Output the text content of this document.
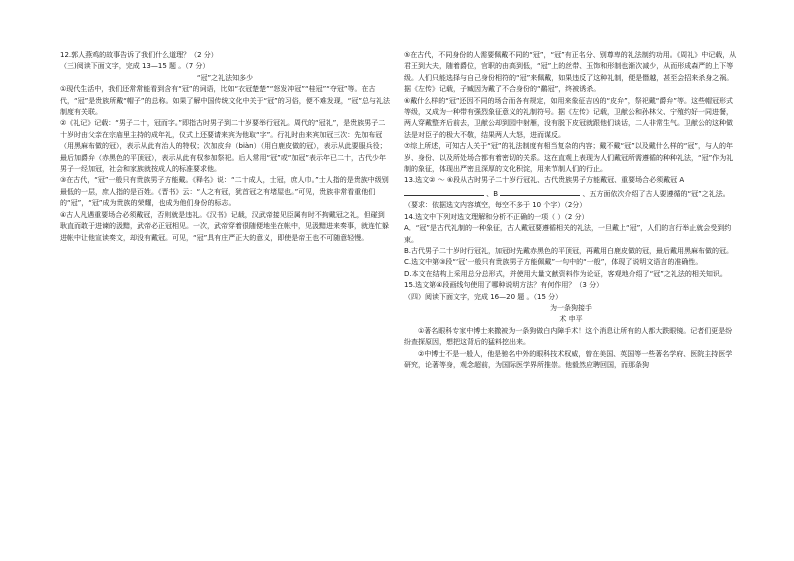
12.郭人燕鸡的故事告诉了我们什么道理？（2 分）

（三)阅读下面文字，完成 13—15 题 。（7 分）

“冠”之礼法知多少

①现代生活中，我们还常常能看到含有“冠”的词语，比如“衣冠楚楚”“怒发冲冠”“桂冠”“夺冠”等。在古代，“冠”是贵族所戴“帽子”的总称。如果了解中国传统文化中关于“冠”的习俗，便不难发现，“冠”总与礼法制度有关联。

②《礼记》记载：“男子二十，冠而字。”即指古时男子到二十岁要举行冠礼。周代的“冠礼”，是贵族男子二十岁时由父亲在宗庙里主持的成年礼，仪式上还要请来宾为他取“字”。行礼时由来宾加冠三次：先加布冠（用黑麻布做的冠），表示从此有治人的特权；次加皮弁（biàn）（用白鹿皮做的冠），表示从此要服兵役；最后加爵弁（赤黑色的平顶冠），表示从此有权参加祭祀。后人常用“冠”或“加冠”表示年已二十，古代少年男子一经加冠，社会和家族就按成人的标准要求他。

③在古代，“冠”一般只有贵族男子方能戴。《释名》说：“二十成人，士冠，庶人巾。”士人指的是贵族中级别最低的一层，庶人指的是百姓。《晋书》云：“人之有冠，犹首冠之有堵屋也。”可见，贵族非常看重他们的“冠”，“冠”成为贵族的荣耀，也成为他们身份的标志。

④古人凡遇重要场合必须戴冠，否则就是违礼。《汉书》记载，汉武帝接见臣属有时不拘戴冠之礼，但碰到耿直而敢于进谏的汲黯，武帝必正冠相见。一次，武帝穿着很随便地坐在帐中，见汲黯进来奏事，就连忙躲进帐中让他宣读奏文，却没有戴冠。可见，“冠”具有庄严正大的意义，即使是帝王也不可随意轻慢。

⑤在古代，不同身份的人需要佩戴不同的“冠”，“冠”有正名分、别尊卑的礼法制约功用。《周礼》中记载，从君王到大夫，随着爵位，官职的由高到低，“冠”上的丝带、玉饰和形制也渐次减少，从而形成森严的上下等级。人们只能选择与自己身份相符的“冠”来佩戴，如果违反了这种礼制，便是僭越，甚至会招来杀身之祸。据《左传》记载，子臧因为戴了不合身份的“鹬冠”，终被诱杀。

⑥戴什么样的“冠”还因不同的场合而各有规定，如用来象征吉凶的“皮弁”，祭祀戴“爵弁”等。这些帽冠形式等级，又成为一种带有强烈象征意义的礼制符号。据《左传》记载，卫献公和孙林父、宁殖约好一同进餐，两人穿戴整齐后前去，卫献公却到园中射雁，没有脱下皮冠就跟他们谈话，二人非常生气。卫献公的这种做法是对臣子的极大不敬，结果两人大怒，进而谋反。

⑦综上所述，可知古人关于“冠”的礼法制度有相当复杂的内容；戴不戴“冠”以及戴什么样的“冠”，与人的年岁、身份、以及所处场合都有着密切的关系。这在直观上表现为人们戴冠所需遵循的种种礼法，“冠”作为礼制的象征，体现出严密且深厚的文化积淀，用来节制人们的行止。

13.选文② ～ ⑥段从古时男子二十岁行冠礼、古代贵族男子方能戴冠、重要场合必须戴冠 A  、B	、五方面依次介绍了古人要遵循的“冠”之礼法。（要求：依据选文内容填空，每空不多于 10 个字）（2分）

14.选文中下列对选文理解和分析不正确的一项（ ）（2 分）

A．“冠”是古代礼制的一种象征，古人戴冠要遵循相关的礼法，一旦戴上“冠”，人们的言行举止就会受到约束。

B.古代男子二十岁时行冠礼，加冠时先戴赤黑色的平顶冠，再戴用白鹿皮做的冠，最后戴用黑麻布做的冠。

C.选文中第③段“‘冠’一般只有贵族男子方能佩戴”一句中的“一般”，体现了说明文语言的准确性。

D.本文在结构上采用总分总形式，并使用大量文献资料作为论证，客观地介绍了“冠”之礼法的相关知识。

15.选文第④段画线句使用了哪种说明方法？有何作用？（3 分）

（四）阅读下面文字，完成 16—20 题 。（15 分）

为一条狗接手

术 申平

①著名眼科专家中博士来撒被为一条狗做白内障手术！这个消息让所有的人都大跌眼镜。记者们更是纷纷查探原因，想把这背后的猛料挖出来。

②中博士不是一般人，他是驰名中外的眼科技术权威，曾在美国、英国等一些著名学府、医院主持医学研究，论著等身，观念超前，为国际医学界所推崇。他毅然应聘回国，而那条狗
